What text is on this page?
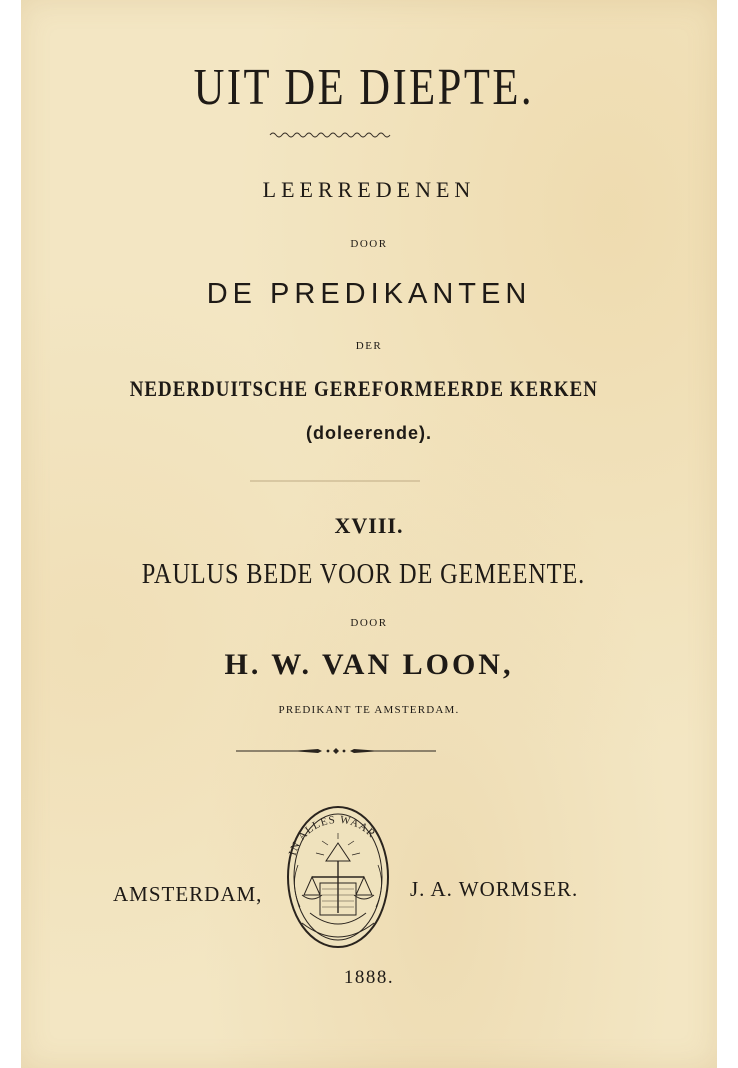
UIT DE DIEPTE.
LEERREDENEN
DOOR
DE PREDIKANTEN
DER
NEDERDUITSCHE GEREFORMEERDE KERKEN
(doleerende).
XVIII.
PAULUS BEDE VOOR DE GEMEENTE.
DOOR
H. W. VAN LOON,
PREDIKANT TE AMSTERDAM.
AMSTERDAM,
IN ALLES WAAR
J. A. WORMSER.
1888.
